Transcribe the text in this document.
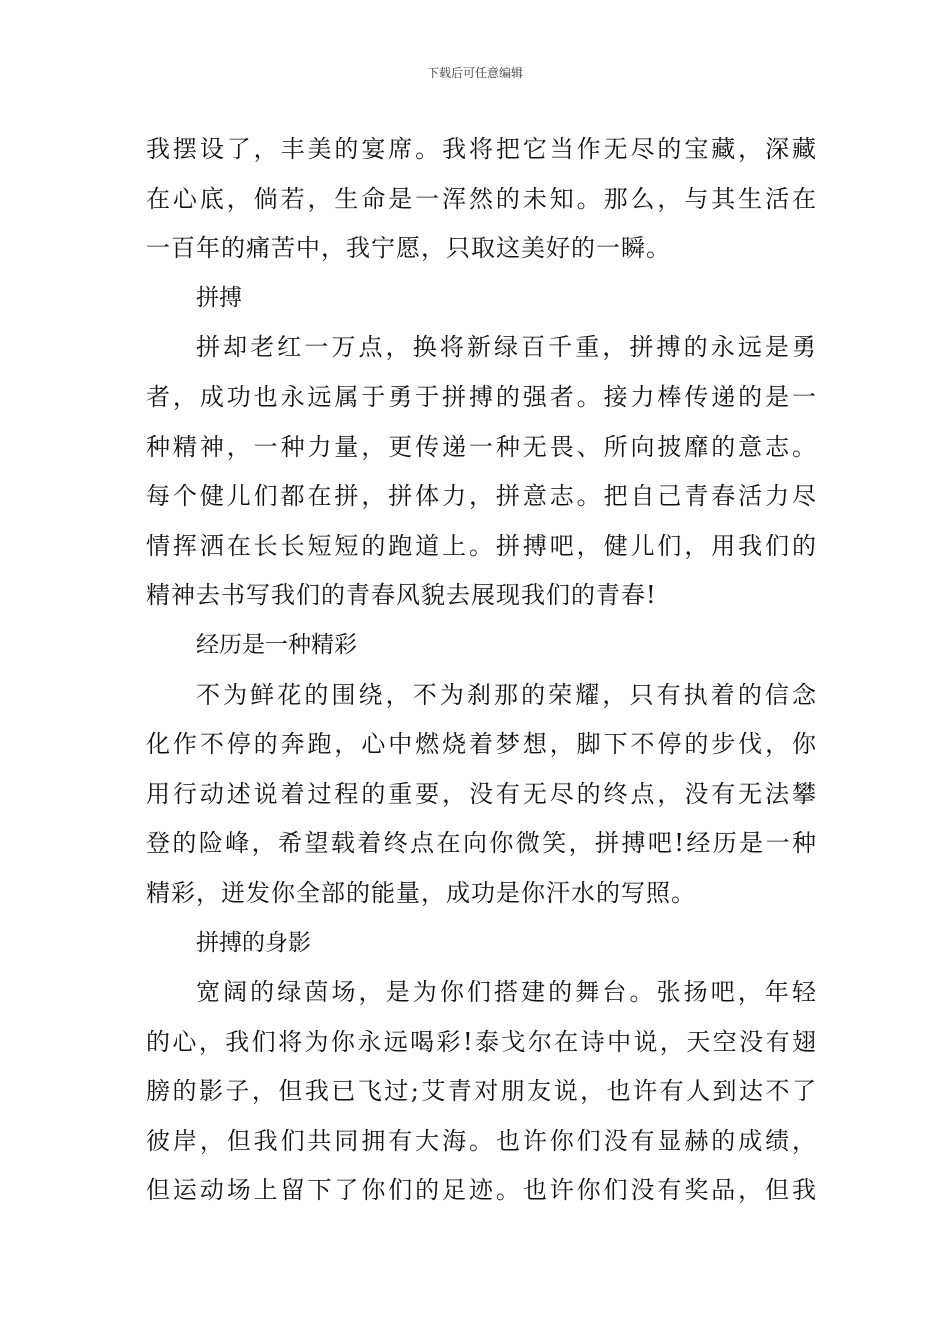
下载后可任意编辑
我摆设了，丰美的宴席。我将把它当作无尽的宝藏，深藏
在心底，倘若，生命是一浑然的未知。那么，与其生活在
一百年的痛苦中，我宁愿，只取这美好的一瞬。
拼搏
拼却老红一万点，换将新绿百千重，拼搏的永远是勇
者，成功也永远属于勇于拼搏的强者。接力棒传递的是一
种精神，一种力量，更传递一种无畏、所向披靡的意志。
每个健儿们都在拼，拼体力，拼意志。把自己青春活力尽
情挥洒在长长短短的跑道上。拼搏吧，健儿们，用我们的
精神去书写我们的青春风貌去展现我们的青春!
经历是一种精彩
不为鲜花的围绕，不为刹那的荣耀，只有执着的信念
化作不停的奔跑，心中燃烧着梦想，脚下不停的步伐，你
用行动述说着过程的重要，没有无尽的终点，没有无法攀
登的险峰，希望载着终点在向你微笑，拼搏吧!经历是一种
精彩，迸发你全部的能量，成功是你汗水的写照。
拼搏的身影
宽阔的绿茵场，是为你们搭建的舞台。张扬吧，年轻
的心，我们将为你永远喝彩!泰戈尔在诗中说，天空没有翅
膀的影子，但我已飞过;艾青对朋友说，也许有人到达不了
彼岸，但我们共同拥有大海。也许你们没有显赫的成绩，
但运动场上留下了你们的足迹。也许你们没有奖品，但我
